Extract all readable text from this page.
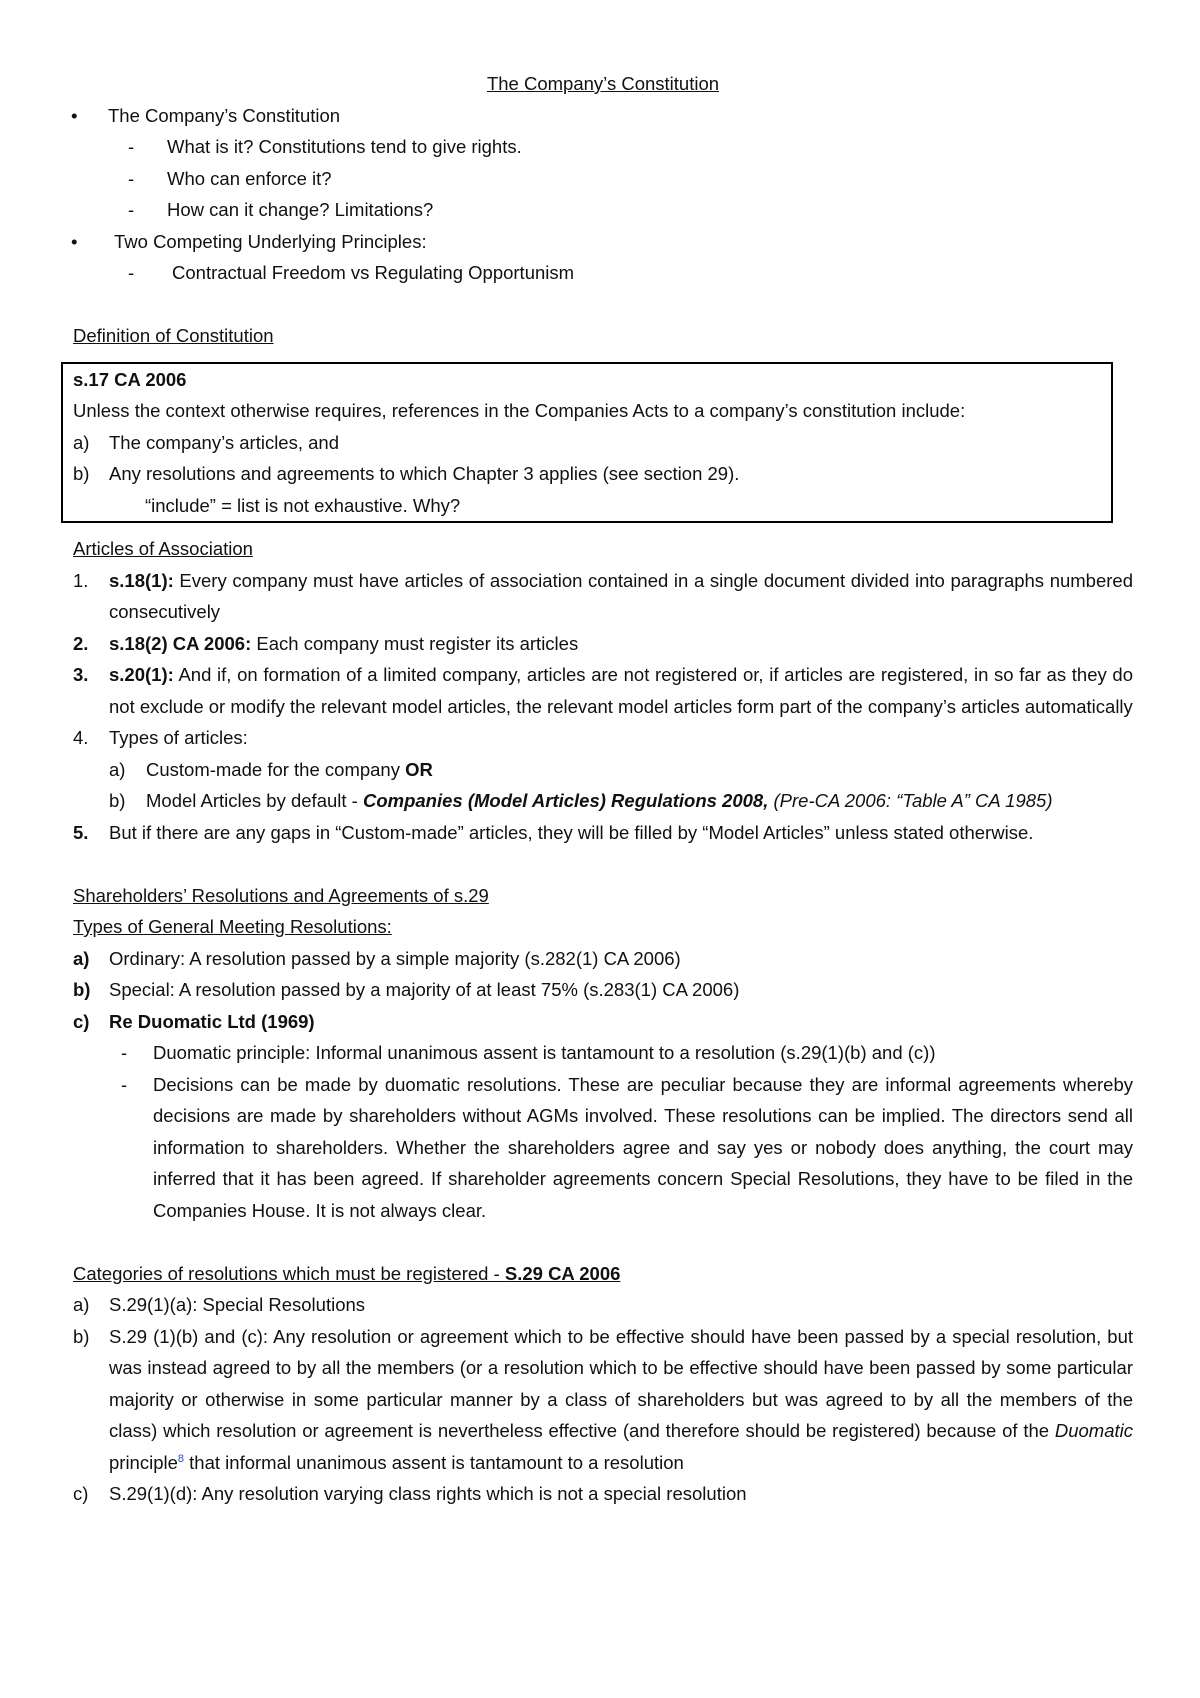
The Company’s Constitution
• The Company’s Constitution
- What is it? Constitutions tend to give rights.
- Who can enforce it?
- How can it change? Limitations?
• Two Competing Underlying Principles:
- Contractual Freedom vs Regulating Opportunism
Definition of Constitution
s.17 CA 2006
Unless the context otherwise requires, references in the Companies Acts to a company’s constitution include:
a) The company’s articles, and
b) Any resolutions and agreements to which Chapter 3 applies (see section 29).
“include” = list is not exhaustive. Why?
Articles of Association
1. s.18(1): Every company must have articles of association contained in a single document divided into paragraphs numbered consecutively
2. s.18(2) CA 2006: Each company must register its articles
3. s.20(1): And if, on formation of a limited company, articles are not registered or, if articles are registered, in so far as they do not exclude or modify the relevant model articles, the relevant model articles form part of the company’s articles automatically
4. Types of articles:
a) Custom-made for the company OR
b) Model Articles by default - Companies (Model Articles) Regulations 2008, (Pre-CA 2006: “Table A” CA 1985)
5. But if there are any gaps in “Custom-made” articles, they will be filled by “Model Articles” unless stated otherwise.
Shareholders’ Resolutions and Agreements of s.29
Types of General Meeting Resolutions:
a) Ordinary: A resolution passed by a simple majority (s.282(1) CA 2006)
b) Special: A resolution passed by a majority of at least 75% (s.283(1) CA 2006)
c) Re Duomatic Ltd (1969)
- Duomatic principle: Informal unanimous assent is tantamount to a resolution (s.29(1)(b) and (c))
- Decisions can be made by duomatic resolutions. These are peculiar because they are informal agreements whereby decisions are made by shareholders without AGMs involved. These resolutions can be implied. The directors send all information to shareholders. Whether the shareholders agree and say yes or nobody does anything, the court may inferred that it has been agreed. If shareholder agreements concern Special Resolutions, they have to be filed in the Companies House. It is not always clear.
Categories of resolutions which must be registered - S.29 CA 2006
a) S.29(1)(a): Special Resolutions
b) S.29 (1)(b) and (c): Any resolution or agreement which to be effective should have been passed by a special resolution, but was instead agreed to by all the members (or a resolution which to be effective should have been passed by some particular majority or otherwise in some particular manner by a class of shareholders but was agreed to by all the members of the class) which resolution or agreement is nevertheless effective (and therefore should be registered) because of the Duomatic principle$^8$ that informal unanimous assent is tantamount to a resolution
c) S.29(1)(d): Any resolution varying class rights which is not a special resolution
